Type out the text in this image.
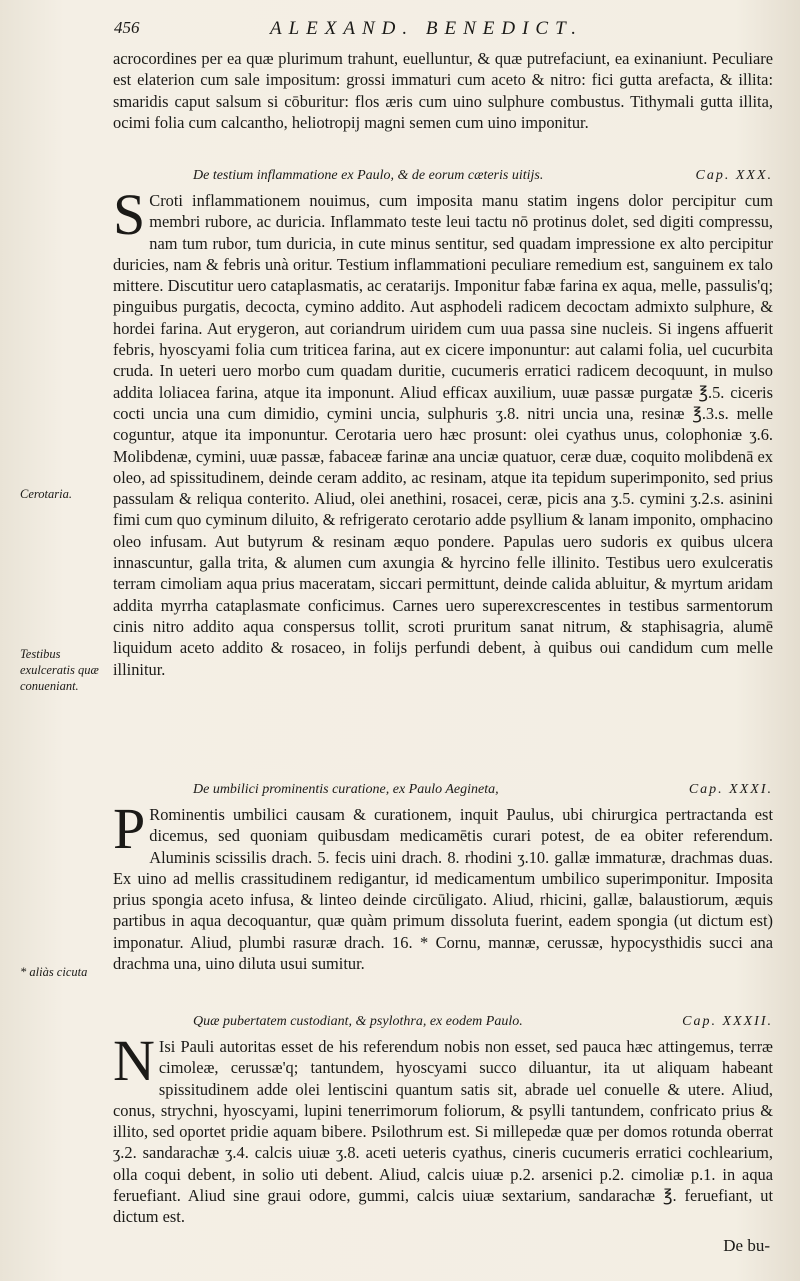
456	ALEXAND. BENEDICT.

acrocordines per ea quæ plurimum trahunt, euelluntur, & quæ putrefaciunt, ea exinaniunt. Peculiare est elaterion cum sale impositum: grossi immaturi cum aceto & nitro: fici gutta arefacta, & illita: smaridis caput salsum si cōburitur: flos æris cum uino sulphure combustus. Tithymali gutta illita, ocimi folia cum calcantho, heliotropij magni semen cum uino imponitur.

De testium inflammatione ex Paulo, & de eorum cæteris uitijs.	Cap. XXX.
S Croti inflammationem nouimus, cum imposita manu statim ingens dolor percipitur cum membri rubore, ac duricia. Inflammato teste leui tactu nō protinus dolet, sed digiti compressu, nam tum rubor, tum duricia, in cute minus sentitur, sed quadam impressione ex alto percipitur duricies, nam & febris unà oritur. Testium inflammationi peculiare remedium est, sanguinem ex talo mittere. Discutitur uero cataplasmatis, ac ceratarijs. Imponitur fabæ farina ex aqua, melle, passulis'q; pinguibus purgatis, decocta, cymino addito. Aut asphodeli radicem decoctam admixto sulphure, & hordei farina. Aut erygeron, aut coriandrum uiridem cum uua passa sine nucleis. Si ingens affuerit febris, hyoscyami folia cum triticea farina, aut ex cicere imponuntur: aut calami folia, uel cucurbita cruda. In ueteri uero morbo cum quadam duritie, cucumeris erratici radicem decoquunt, in mulso addita loliacea farina, atque ita imponunt. Aliud efficax auxilium, uuæ passæ purgatæ ℥.5. ciceris cocti uncia una cum dimidio, cymini uncia, sulphuris ʒ.8. nitri uncia una, resinæ ℥.3.s. melle coguntur, atque ita imponuntur. Cerotaria uero hæc prosunt: olei cyathus unus, colophoniæ ʒ.6. Molibdenæ, cymini, uuæ passæ, fabaceæ farinæ ana unciæ quatuor, ceræ duæ, coquito molibdenā ex oleo, ad spissitudinem, deinde ceram addito, ac resinam, atque ita tepidum superimponito, sed prius passulam & reliqua conterito. Aliud, olei anethini, rosacei, ceræ, picis ana ʒ.5. cymini ʒ.2.s. asinini fimi cum quo cyminum diluito, & refrigerato cerotario adde psyllium & lanam imponito, omphacino oleo infusam. Aut butyrum & resinam æquo pondere. Papulas uero sudoris ex quibus ulcera innascuntur, galla trita, & alumen cum axungia & hyrcino felle illinito. Testibus uero exulceratis terram cimoliam aqua prius maceratam, siccari permittunt, deinde calida abluitur, & myrtum aridam addita myrrha cataplasmate conficimus. Carnes uero superexcrescentes in testibus sarmentorum cinis nitro addito aqua conspersus tollit, scroti pruritum sanat nitrum, & staphisagria, alumē liquidum aceto addito & rosaceo, in folijs perfundi debent, à quibus oui candidum cum melle illinitur.

De umbilici prominentis curatione, ex Paulo Aegineta,	Cap. XXXI.
P Rominentis umbilici causam & curationem, inquit Paulus, ubi chirurgica pertractanda est dicemus, sed quoniam quibusdam medicamētis curari potest, de ea obiter referendum. Aluminis scissilis drach. 5. fecis uini drach. 8. rhodini ʒ.10. gallæ immaturæ, drachmas duas. Ex uino ad mellis crassitudinem redigantur, id medicamentum umbilico superimponitur. Imposita prius spongia aceto infusa, & linteo deinde circūligato. Aliud, rhicini, gallæ, balaustiorum, æquis partibus in aqua decoquantur, quæ quàm primum dissoluta fuerint, eadem spongia (ut dictum est) imponatur. Aliud, plumbi rasuræ drach. 16. * Cornu, mannæ, cerussæ, hypocysthidis succi ana drachma una, uino diluta usui sumitur.

Quæ pubertatem custodiant, & psylothra, ex eodem Paulo.	Cap. XXXII.
N Isi Pauli autoritas esset de his referendum nobis non esset, sed pauca hæc attingemus, terræ cimoleæ, cerussæ'q; tantundem, hyoscyami succo diluantur, ita ut aliquam habeant spissitudinem adde olei lentiscini quantum satis sit, abrade uel conuelle & utere. Aliud, conus, strychni, hyoscyami, lupini tenerrimorum foliorum, & psylli tantundem, confricato prius & illito, sed oportet pridie aquam bibere. Psilothrum est. Si millepedæ quæ per domos rotunda oberrat ʒ.2. sandarachæ ʒ.4. calcis uiuæ ʒ.8. aceti ueteris cyathus, cineris cucumeris erratici cochlearium, olla coqui debent, in solio uti debent. Aliud, calcis uiuæ p.2. arsenici p.2. cimoliæ p.1. in aqua feruefiant. Aliud sine graui odore, gummi, calcis uiuæ sextarium, sandarachæ ℥. feruefiant, ut dictum est.

Cerotaria.
Testibus exulceratis quæ conueniant.
* aliàs cicuta
De bu-
